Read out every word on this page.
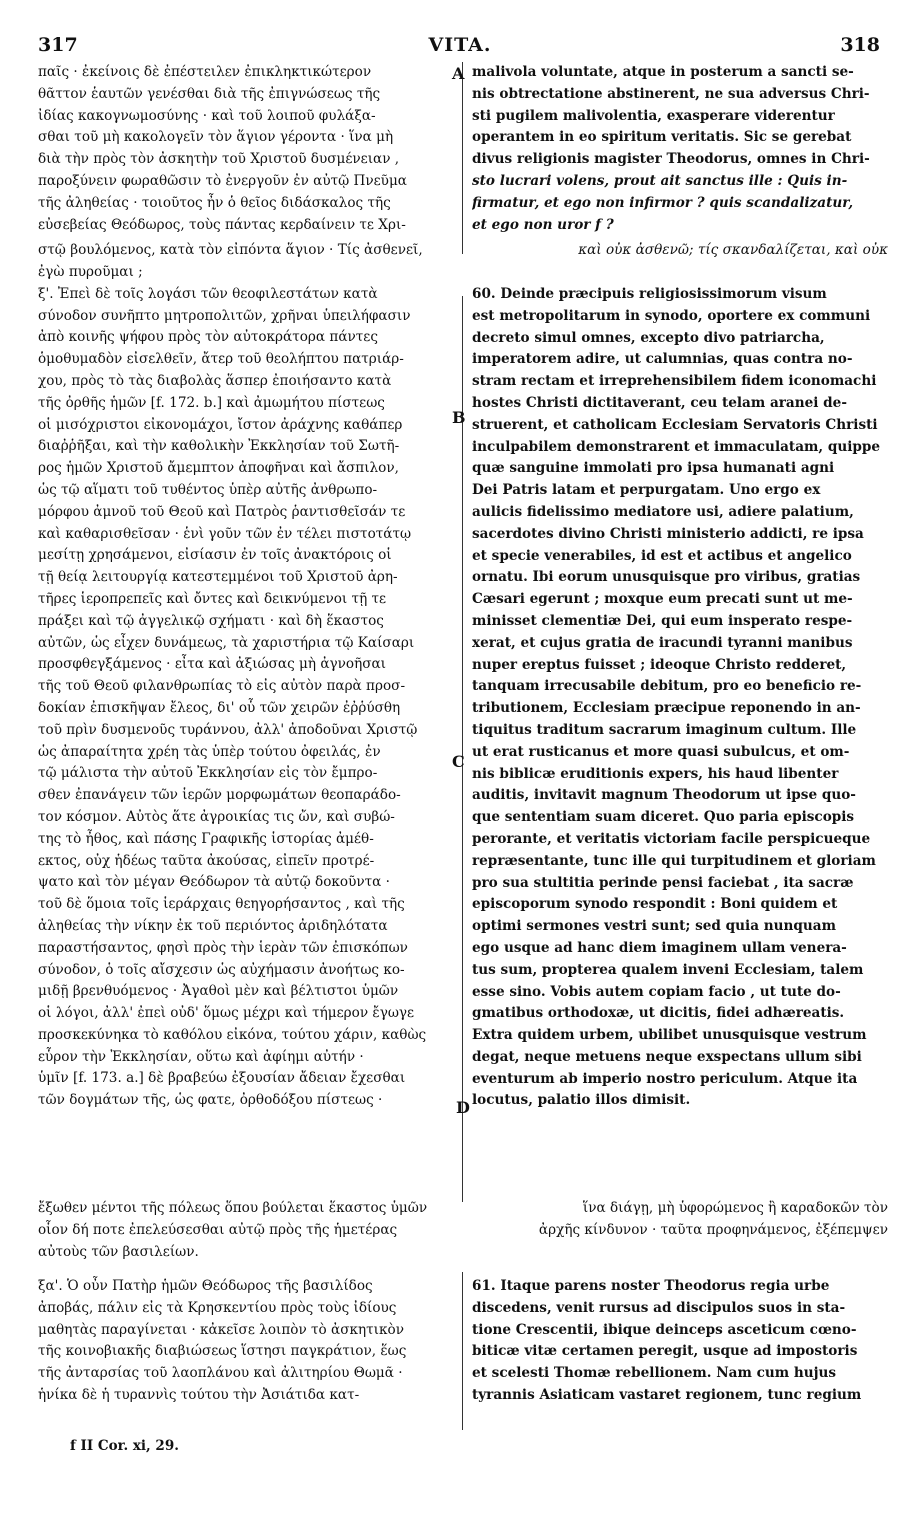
317	VITA.	318
παῖς · ἐκείνοις δὲ ἐπέστειλεν ἐπικληκτικώτερον
θᾶττον ἑαυτῶν γενέσθαι διὰ τῆς ἐπιγνώσεως τῆς
ἰδίας κακογνωμοσύνης · καὶ τοῦ λοιποῦ φυλάξα-
σθαι τοῦ μὴ κακολογεῖν τὸν ἅγιον γέροντα · ἵνα μὴ
διὰ τὴν πρὸς τὸν ἀσκητὴν τοῦ Χριστοῦ δυσμένειαν ,
παροξύνειν φωραθῶσιν τὸ ἐνεργοῦν ἐν αὐτῷ Πνεῦμα
τῆς ἀληθείας · τοιοῦτος ἦν ὁ θεῖος διδάσκαλος τῆς
εὐσεβείας Θεόδωρος, τοὺς πάντας κερδαίνειν τε Χρι-
malivola voluntate, atque in posterum a sancti se-
nis obtrectatione abstinerent, ne sua adversus Chri-
sti pugilem malivolentia, exasperare viderentur
operantem in eo spiritum veritatis. Sic se gerebat
divus religionis magister Theodorus, omnes in Chri-
sto lucrari volens, prout ait sanctus ille : Quis in-
firmatur, et ego non infirmor ? quis scandalizatur,
et ego non uror f ?
στῷ βουλόμενος, κατὰ τὸν εἰπόντα ἅγιον · Τίς ἀσθενεῖ,	καὶ οὐκ ἀσθενῶ; τίς σκανδαλίζεται, καὶ οὐκ
ἐγὼ πυροῦμαι ;
ξ'. Ἐπεὶ δὲ τοῖς λογάσι τῶν θεοφιλεστάτων κατὰ
σύνοδον συνῆπτο μητροπολιτῶν, χρῆναι ὑπειλήφασιν
ἀπὸ κοινῆς ψήφου πρὸς τὸν αὐτοκράτορα πάντες
ὁμοθυμαδὸν εἰσελθεῖν, ἄτερ τοῦ θεολήπτου πατριάρ-
χου, πρὸς τὸ τὰς διαβολὰς ἅσπερ ἐποιήσαντο κατὰ
τῆς ὀρθῆς ἡμῶν [f. 172. b.] καὶ ἀμωμήτου πίστεως
οἱ μισόχριστοι εἰκονομάχοι, ἴστον ἀράχνης καθάπερ
διαῤῥῆξαι, καὶ τὴν καθολικὴν Ἐκκλησίαν τοῦ Σωτῆ-
ρος ἡμῶν Χριστοῦ ἄμεμπτον ἀποφῆναι καὶ ἄσπιλον,
ὡς τῷ αἵματι τοῦ τυθέντος ὑπὲρ αὐτῆς ἀνθρωπο-
μόρφου ἀμνοῦ τοῦ Θεοῦ καὶ Πατρὸς ῥαντισθεῖσάν τε
καὶ καθαρισθεῖσαν · ἑνὶ γοῦν τῶν ἐν τέλει πιστοτάτῳ
μεσίτῃ χρησάμενοι, εἰσίασιν ἐν τοῖς ἀνακτόροις οἱ
τῇ θείᾳ λειτουργίᾳ κατεστεμμένοι τοῦ Χριστοῦ ἀρη-
τῆρες ἱεροπρεπεῖς καὶ ὄντες καὶ δεικνύμενοι τῇ τε
πράξει καὶ τῷ ἀγγελικῷ σχήματι · καὶ δὴ ἕκαστος
αὐτῶν, ὡς εἶχεν δυνάμεως, τὰ χαριστήρια τῷ Καίσαρι
προσφθεγξάμενος · εἶτα καὶ ἀξιώσας μὴ ἀγνοῆσαι
τῆς τοῦ Θεοῦ φιλανθρωπίας τὸ εἰς αὐτὸν παρὰ προσ-
δοκίαν ἐπισκῆψαν ἔλεος, δι' οὗ τῶν χειρῶν ἐῤῥύσθη
τοῦ πρὶν δυσμενοῦς τυράννου, ἀλλ' ἀποδοῦναι Χριστῷ
ὡς ἀπαραίτητα χρέη τὰς ὑπὲρ τούτου ὀφειλάς, ἐν
τῷ μάλιστα τὴν αὐτοῦ Ἐκκλησίαν εἰς τὸν ἔμπρο-
σθεν ἐπανάγειν τῶν ἱερῶν μορφωμάτων θεοπαράδο-
τον κόσμον. Αὐτὸς ἅτε ἀγροικίας τις ὤν, καὶ συβώ-
της τὸ ἦθος, καὶ πάσης Γραφικῆς ἱστορίας ἀμέθ-
εκτος, οὐχ ἡδέως ταῦτα ἀκούσας, εἰπεῖν προτρέ-
ψατο καὶ τὸν μέγαν Θεόδωρον τὰ αὐτῷ δοκοῦντα ·
τοῦ δὲ ὅμοια τοῖς ἱεράρχαις θεηγορήσαντος , καὶ τῆς
ἀληθείας τὴν νίκην ἐκ τοῦ περιόντος ἀριδηλότατα
παραστήσαντος, φησὶ πρὸς τὴν ἱερὰν τῶν ἐπισκόπων
σύνοδον, ὁ τοῖς αἴσχεσιν ὡς αὐχήμασιν ἀνοήτως κο-
μιδῇ βρενθυόμενος · Ἀγαθοὶ μὲν καὶ βέλτιστοι ὑμῶν
οἱ λόγοι, ἀλλ' ἐπεὶ οὐδ' ὅμως μέχρι καὶ τήμερον ἔγωγε
προσκεκύνηκα τὸ καθόλου εἰκόνα, τούτου χάριν, καθὼς
εὗρον τὴν Ἐκκλησίαν, οὕτω καὶ ἀφίημι αὐτήν ·
ὑμῖν [f. 173. a.] δὲ βραβεύω ἐξουσίαν ἄδειαν ἔχεσθαι
τῶν δογμάτων τῆς, ὡς φατε, ὀρθοδόξου πίστεως ·
60. Deinde præcipuis religiosissimorum visum
est metropolitarum in synodo, oportere ex communi
decreto simul omnes, excepto divo patriarcha,
imperatorem adire, ut calumnias, quas contra no-
stram rectam et irreprehensibilem fidem iconomachi
hostes Christi dictitaverant, ceu telam aranei de-
struerent, et catholicam Ecclesiam Servatoris Christi
inculpabilem demonstrarent et immaculatam, quippe
quæ sanguine immolati pro ipsa humanati agni
Dei Patris latam et perpurgatam. Uno ergo ex
aulicis fidelissimo mediatore usi, adiere palatium,
sacerdotes divino Christi ministerio addicti, re ipsa
et specie venerabiles, id est et actibus et angelico
ornatu. Ibi eorum unusquisque pro viribus, gratias
Cæsari egerunt ; moxque eum precati sunt ut me-
minisset clementiæ Dei, qui eum insperato respe-
xerat, et cujus gratia de iracundi tyranni manibus
nuper ereptus fuisset ; ideoque Christo redderet,
tanquam irrecusabile debitum, pro eo beneficio re-
tributionem, Ecclesiam præcipue reponendo in an-
tiquitus traditum sacrarum imaginum cultum. Ille
ut erat rusticanus et more quasi subulcus, et om-
nis biblicæ eruditionis expers, his haud libenter
auditis, invitavit magnum Theodorum ut ipse quo-
que sententiam suam diceret. Quo paria episcopis
perorante, et veritatis victoriam facile perspicueque
repræsentante, tunc ille qui turpitudinem et gloriam
pro sua stultitia perinde pensi faciebat , ita sacræ
episcoporum synodo respondit : Boni quidem et
optimi sermones vestri sunt; sed quia nunquam
ego usque ad hanc diem imaginem ullam venera-
tus sum, propterea qualem inveni Ecclesiam, talem
esse sino. Vobis autem copiam facio , ut tute do-
gmatibus orthodoxæ, ut dicitis, fidei adhæreatis.
Extra quidem urbem, ubilibet unusquisque vestrum
degat, neque metuens neque exspectans ullum sibi
eventurum ab imperio nostro periculum. Atque ita
locutus, palatio illos dimisit.
ἔξωθεν μέντοι τῆς πόλεως ὅπου βούλεται ἕκαστος ὑμῶν	ἵνα διάγῃ, μὴ ὑφορώμενος ἢ καραδοκῶν τὸν
οἷον δή ποτε ἐπελεύσεσθαι αὐτῷ πρὸς τῆς ἡμετέρας	ἀρχῆς κίνδυνον · ταῦτα προφηνάμενος, ἐξέπεμψεν
αὐτοὺς τῶν βασιλείων.
ξα'. Ὁ οὖν Πατὴρ ἡμῶν Θεόδωρος τῆς βασιλίδος
ἀποβάς, πάλιν εἰς τὰ Κρησκεντίου πρὸς τοὺς ἰδίους
μαθητὰς παραγίνεται · κἀκεῖσε λοιπὸν τὸ ἀσκητικὸν
τῆς κοινοβιακῆς διαβιώσεως ἵστησι παγκράτιον, ἕως
τῆς ἀνταρσίας τοῦ λαοπλάνου καὶ ἀλιτηρίου Θωμᾶ ·
ἡνίκα δὲ ἡ τυραννὶς τούτου τὴν Ἀσιάτιδα κατ-
61. Itaque parens noster Theodorus regia urbe
discedens, venit rursus ad discipulos suos in sta-
tione Crescentii, ibique deinceps asceticum cœno-
biticæ vitæ certamen peregit, usque ad impostoris
et scelesti Thomæ rebellionem. Nam cum hujus
tyrannis Asiaticam vastaret regionem, tunc regium
A
B
C
D
f II Cor. xi, 29.
